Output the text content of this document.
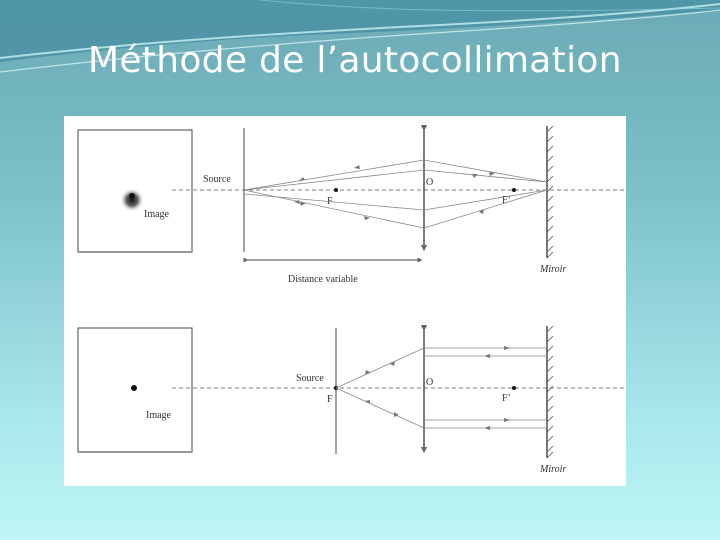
Méthode de l’autocollimation
Image
Source	O
F	F’
Miroir
Distance variable
Image
Source
F
O
F’
Miroir
